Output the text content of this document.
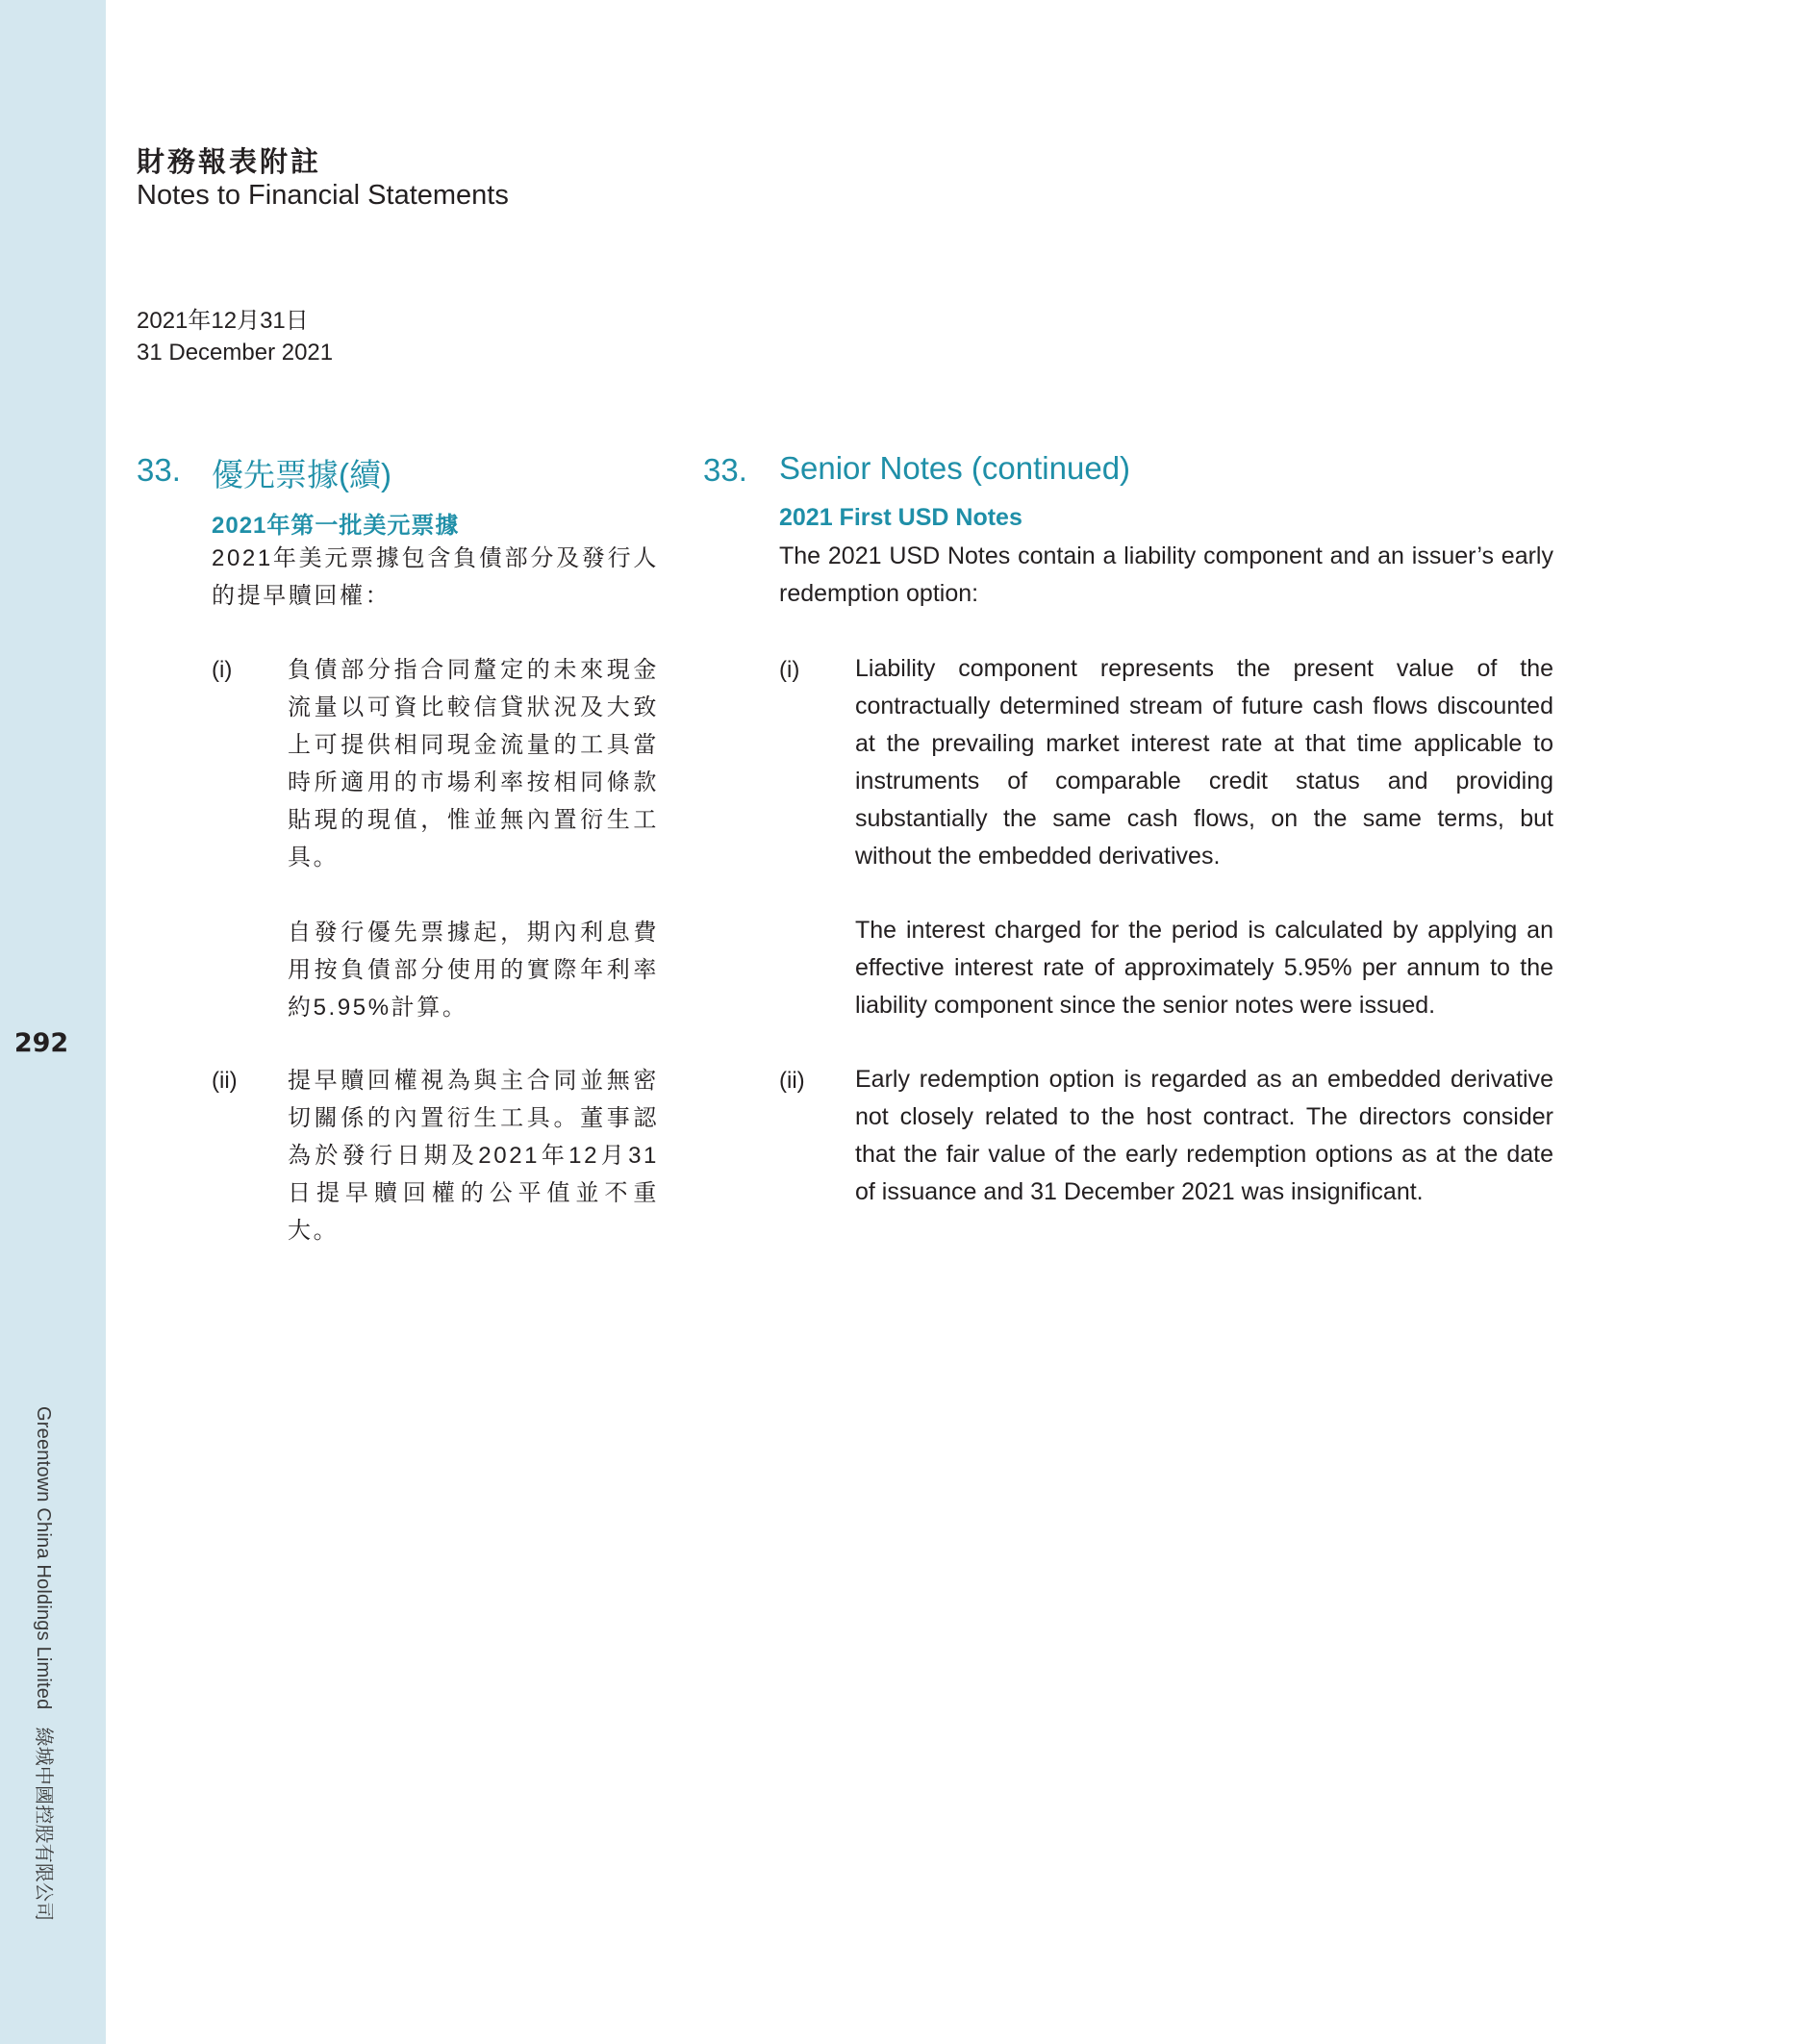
292
Greentown China Holdings Limited綠城中國控股有限公司
財務報表附註
Notes to Financial Statements
2021年12月31日
31 December 2021
33. 優先票據(續)
2021年第一批美元票據

2021年美元票據包含負債部分及發行人的提早贖回權：

(i) 負債部分指合同釐定的未來現金流量以可資比較信貸狀況及大致上可提供相同現金流量的工具當時所適用的市場利率按相同條款貼現的現值，惟並無內置衍生工具。

自發行優先票據起，期內利息費用按負債部分使用的實際年利率約5.95%計算。

(ii) 提早贖回權視為與主合同並無密切關係的內置衍生工具。董事認為於發行日期及2021年12月31日提早贖回權的公平值並不重大。

33. Senior Notes (continued)
2021 First USD Notes

The 2021 USD Notes contain a liability component and an issuer’s early redemption option:

(i) Liability component represents the present value of the contractually determined stream of future cash flows discounted at the prevailing market interest rate at that time applicable to instruments of comparable credit status and providing substantially the same cash flows, on the same terms, but without the embedded derivatives.

The interest charged for the period is calculated by applying an effective interest rate of approximately 5.95% per annum to the liability component since the senior notes were issued.

(ii) Early redemption option is regarded as an embedded derivative not closely related to the host contract. The directors consider that the fair value of the early redemption options as at the date of issuance and 31 December 2021 was insignificant.
